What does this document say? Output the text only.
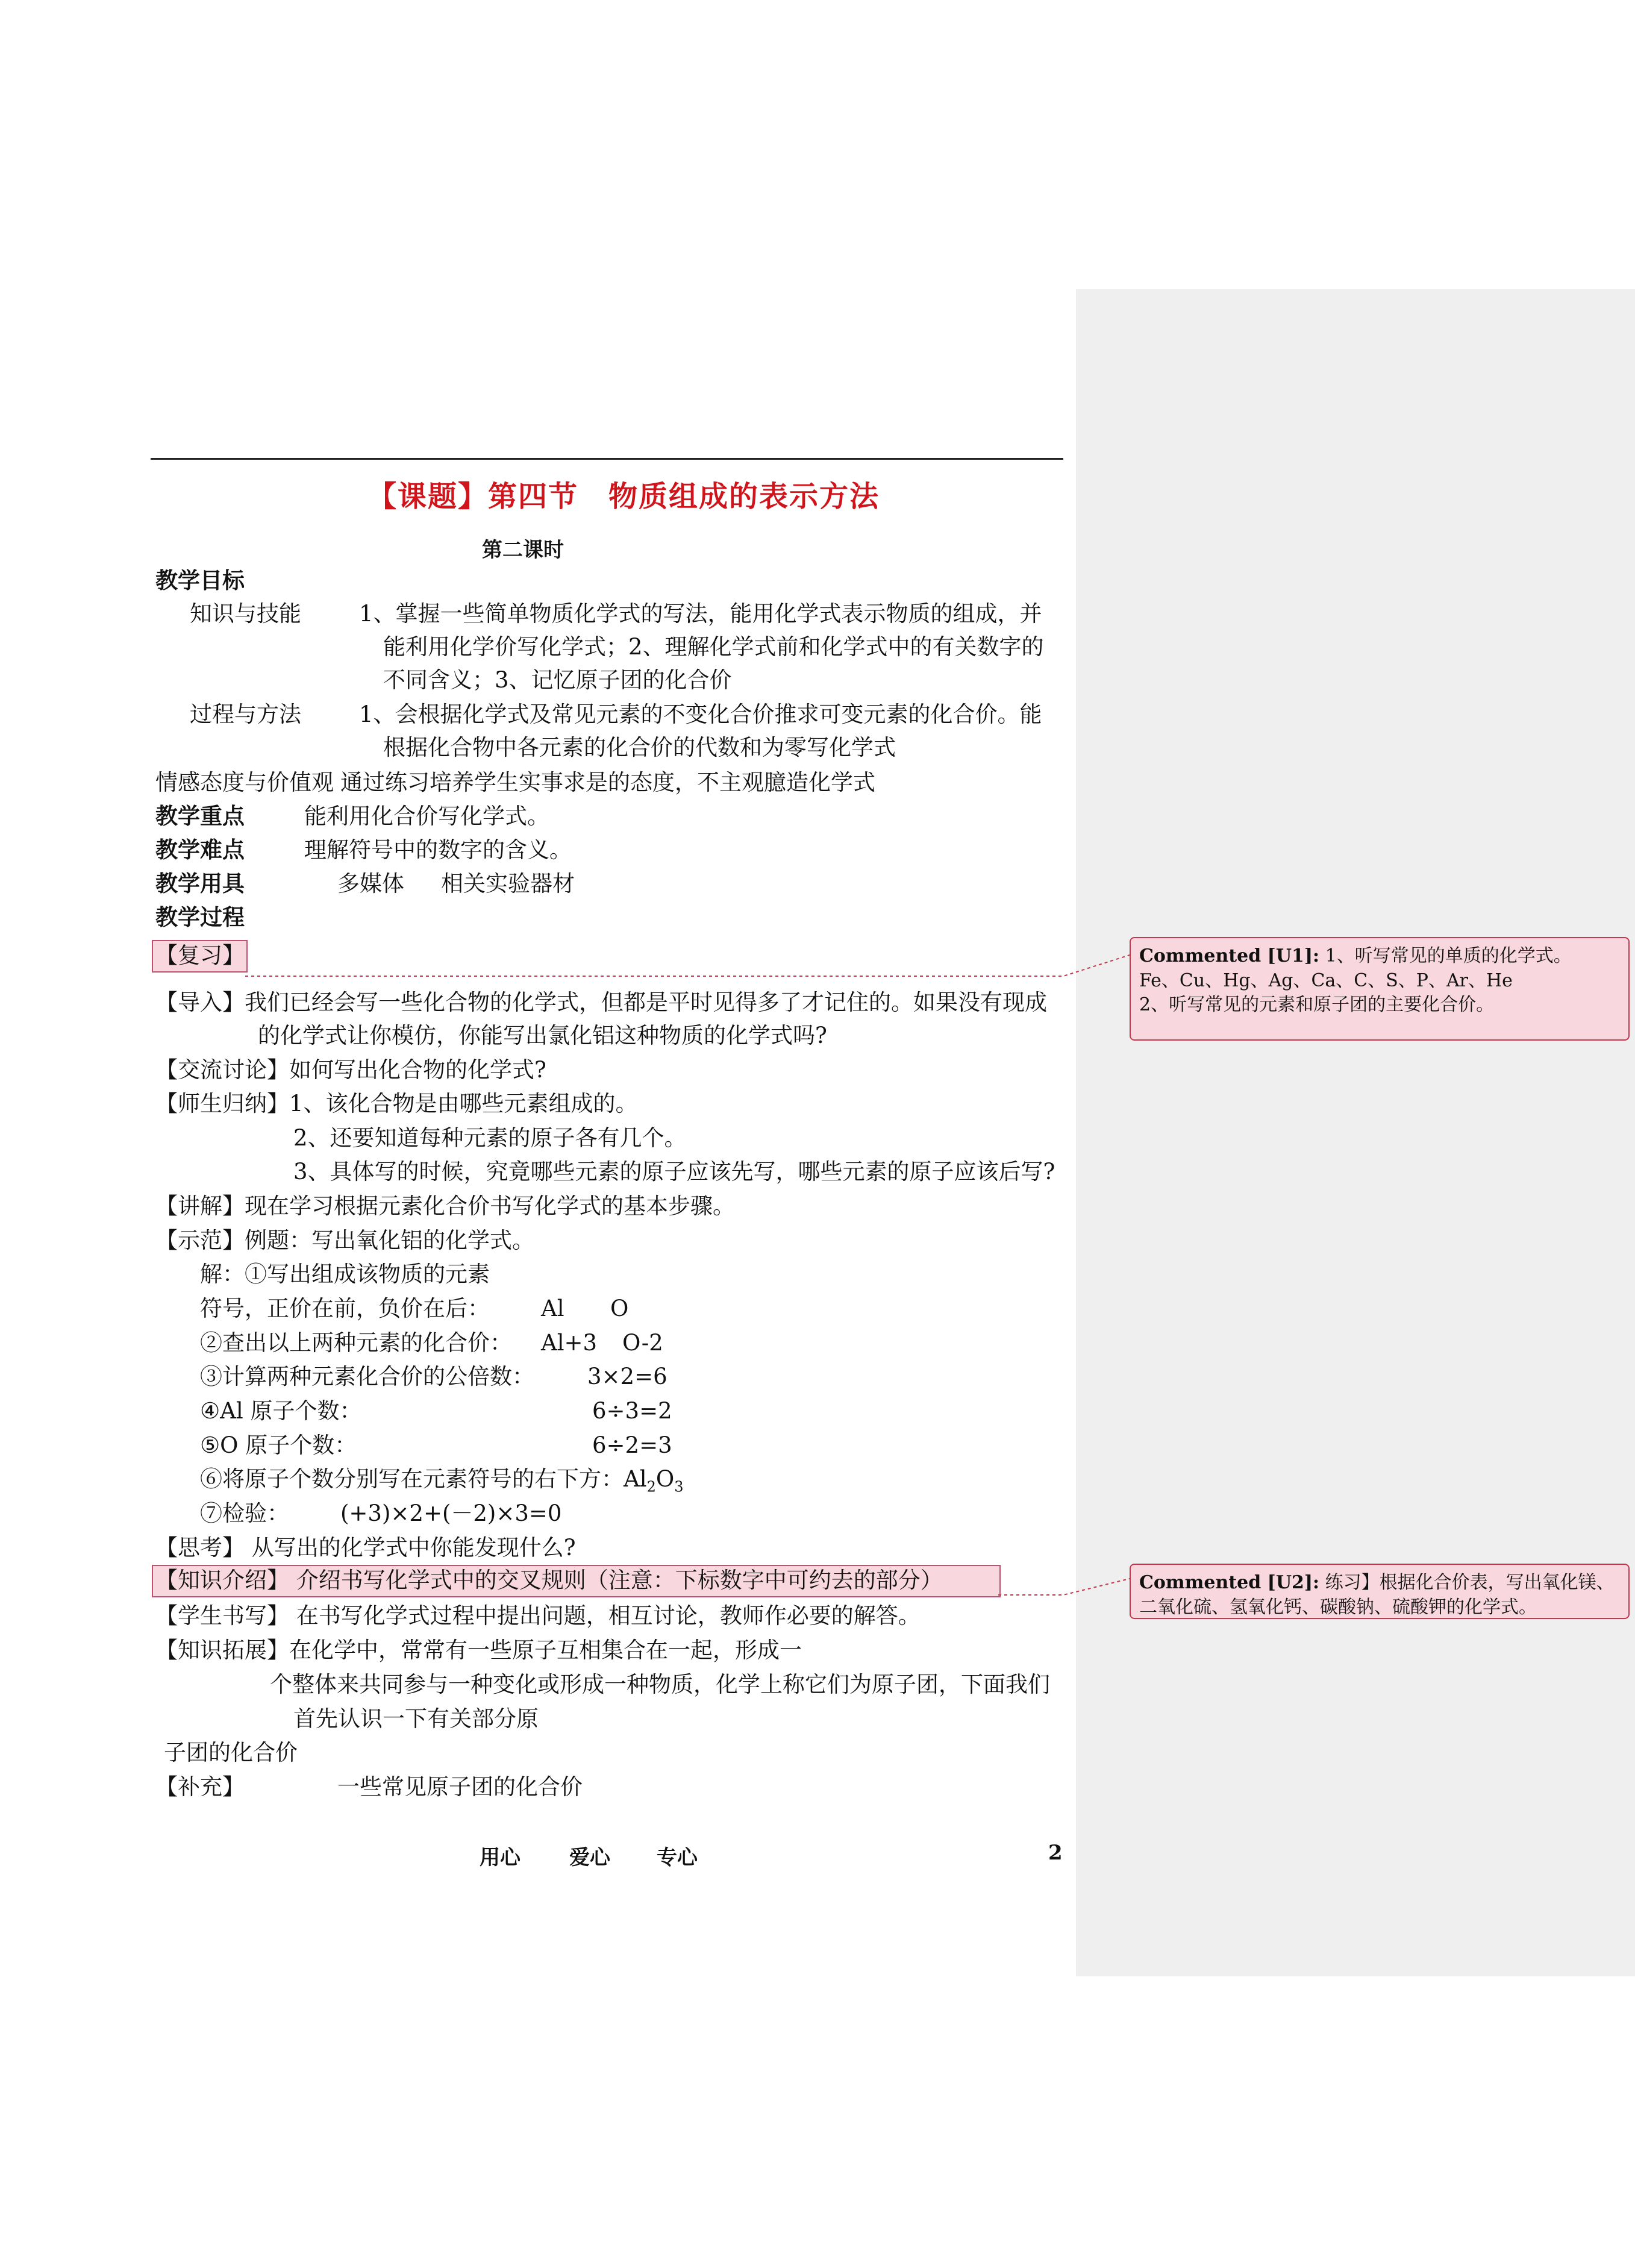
【课题】第四节　物质组成的表示方法
第二课时
教学目标
知识与技能	1、掌握一些简单物质化学式的写法，能用化学式表示物质的组成，并
能利用化学价写化学式；2、理解化学式前和化学式中的有关数字的
不同含义；3、记忆原子团的化合价
过程与方法	1、会根据化学式及常见元素的不变化合价推求可变元素的化合价。能
根据化合物中各元素的化合价的代数和为零写化学式
情感态度与价值观 通过练习培养学生实事求是的态度，不主观臆造化学式
教学重点	能利用化合价写化学式。
教学难点	理解符号中的数字的含义。
教学用具	多媒体 相关实验器材
教学过程
【复习】
【导入】我们已经会写一些化合物的化学式，但都是平时见得多了才记住的。如果没有现成
的化学式让你模仿，你能写出氯化铝这种物质的化学式吗?
【交流讨论】如何写出化合物的化学式?
【师生归纳】1、该化合物是由哪些元素组成的。
2、还要知道每种元素的原子各有几个。
3、具体写的时候，究竟哪些元素的原子应该先写，哪些元素的原子应该后写?
【讲解】现在学习根据元素化合价书写化学式的基本步骤。
【示范】例题：写出氧化铝的化学式。
解：①写出组成该物质的元素
符号，正价在前，负价在后： Al O
②查出以上两种元素的化合价： Al+3 O-2
③计算两种元素化合价的公倍数： 3×2=6
④Al 原子个数：	6÷3=2
⑤O 原子个数：	6÷2=3
⑥将原子个数分别写在元素符号的右下方：$Al_2O_3$
⑦检验： (+3)×2+(－2)×3=0
【思考】 从写出的化学式中你能发现什么?
【知识介绍】 介绍书写化学式中的交叉规则（注意：下标数字中可约去的部分）
【学生书写】 在书写化学式过程中提出问题，相互讨论，教师作必要的解答。
【知识拓展】在化学中，常常有一些原子互相集合在一起，形成一
个整体来共同参与一种变化或形成一种物质，化学上称它们为原子团，下面我们
首先认识一下有关部分原
子团的化合价
【补充】	一些常见原子团的化合价
用心 爱心 专心	2
Commented [U1]: 1、听写常见的单质的化学式。
Fe、Cu、Hg、Ag、Ca、C、S、P、Ar、He
2、听写常见的元素和原子团的主要化合价。
Commented [U2]: 练习】根据化合价表，写出氧化镁、
二氧化硫、氢氧化钙、碳酸钠、硫酸钾的化学式。
